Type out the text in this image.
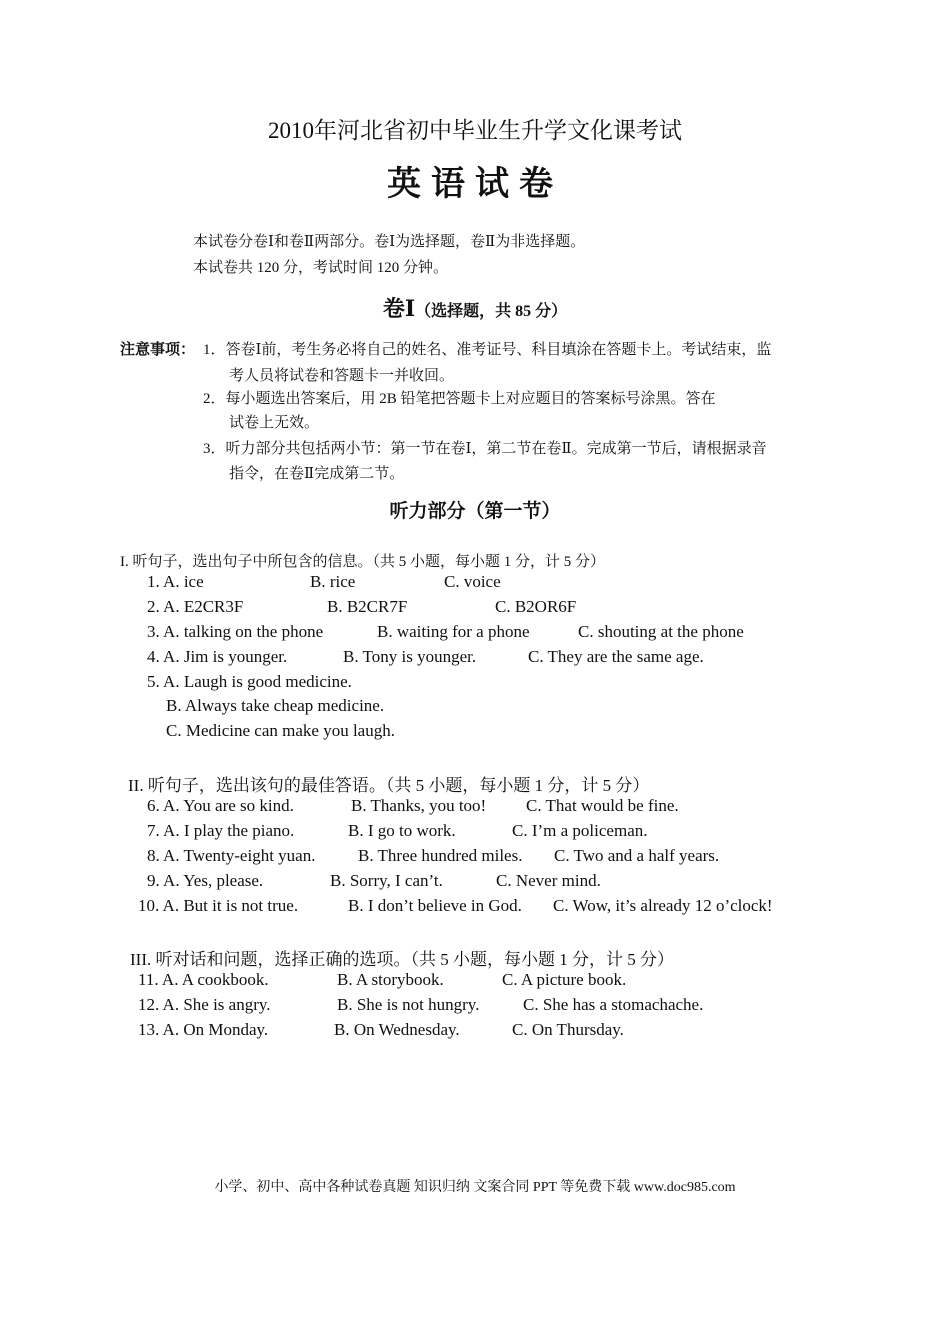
2010年河北省初中毕业生升学文化课考试
英语试卷
本试卷分卷Ⅰ和卷Ⅱ两部分。卷Ⅰ为选择题，卷Ⅱ为非选择题。
本试卷共 120 分，考试时间 120 分钟。
卷Ⅰ（选择题，共 85 分）
注意事项： 1．答卷Ⅰ前，考生务必将自己的姓名、准考证号、科目填涂在答题卡上。考试结束，监
考人员将试卷和答题卡一并收回。
2．每小题选出答案后，用 2B 铅笔把答题卡上对应题目的答案标号涂黑。答在
试卷上无效。
3．听力部分共包括两小节：第一节在卷Ⅰ，第二节在卷Ⅱ。完成第一节后，请根据录音
指令，在卷Ⅱ完成第二节。
听力部分（第一节）
I. 听句子，选出句子中所包含的信息。（共 5 小题，每小题 1 分，计 5 分）
1. A. ice	B. rice	C. voice
2. A. E2CR3F	B. B2CR7F	C. B2OR6F
3. A. talking on the phone	B. waiting for a phone	C. shouting at the phone
4. A. Jim is younger.	B. Tony is younger.	C. They are the same age.
5. A. Laugh is good medicine.
B. Always take cheap medicine.
C. Medicine can make you laugh.
II. 听句子，选出该句的最佳答语。（共 5 小题，每小题 1 分，计 5 分）
6. A. You are so kind.	B. Thanks, you too! C. That would be fine.
7. A. I play the piano.	B. I go to work.	C. I’m a policeman.
8. A. Twenty-eight yuan.	B. Three hundred miles. C. Two and a half years.
9. A. Yes, please.	B. Sorry, I can’t.	C. Never mind.
10. A. But it is not true.	B. I don’t believe in God. C. Wow, it’s already 12 o’clock!
III. 听对话和问题，选择正确的选项。（共 5 小题，每小题 1 分，计 5 分）
11. A. A cookbook.	B. A storybook.	C. A picture book.
12. A. She is angry.	B. She is not hungry.	C. She has a stomachache.
13. A. On Monday.	B. On Wednesday.	C. On Thursday.
小学、初中、高中各种试卷真题 知识归纳 文案合同 PPT 等免费下载 www.doc985.com
